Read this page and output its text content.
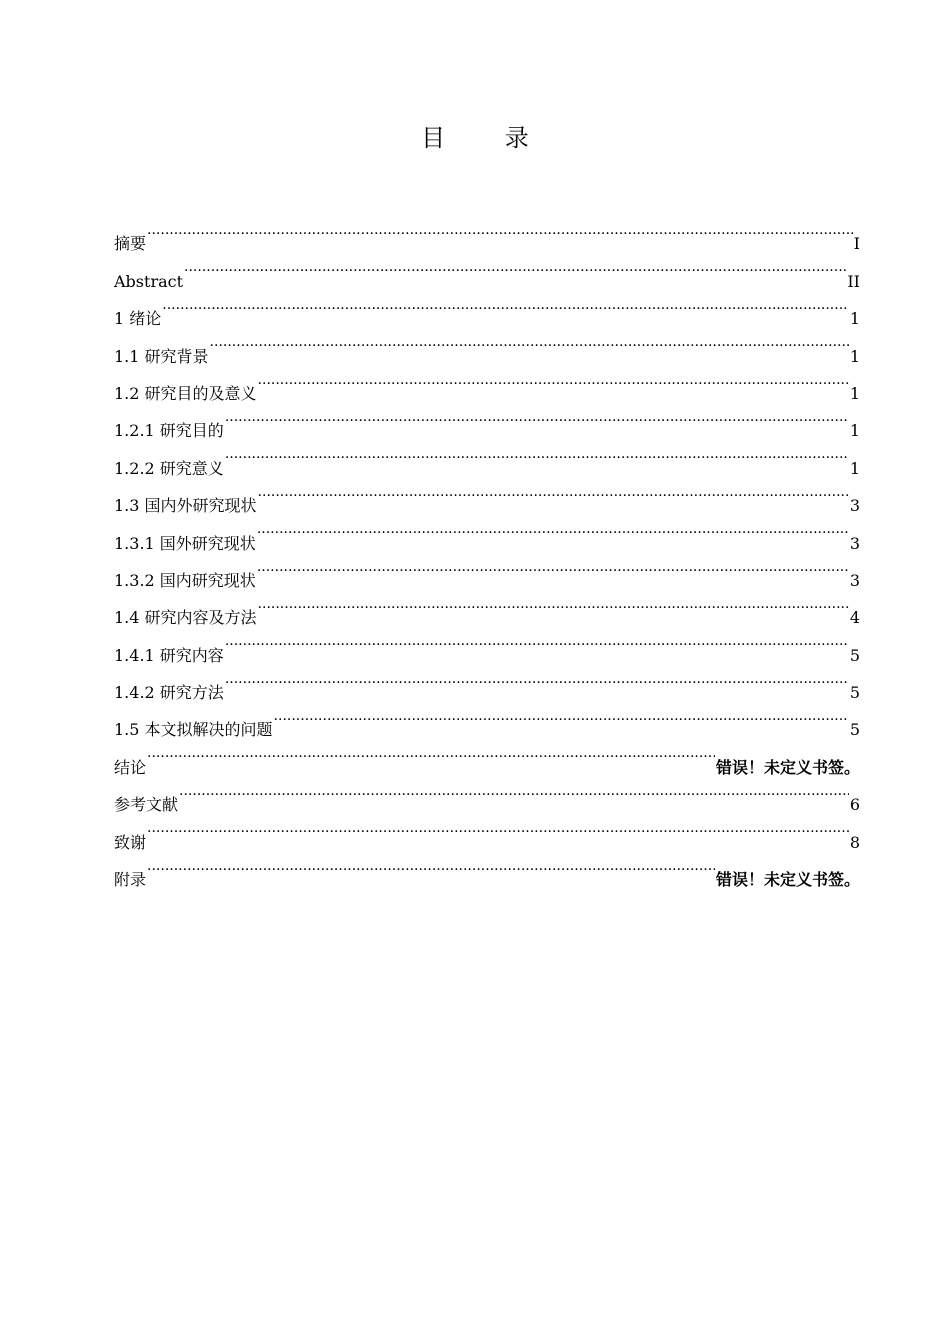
目 录
摘要 .....	I
Abstract .....	II
1 绪论 .....	1
1.1 研究背景 .....	1
1.2 研究目的及意义 .....	1
1.2.1 研究目的 .....	1
1.2.2 研究意义 .....	1
1.3 国内外研究现状 .....	3
1.3.1 国外研究现状 .....	3
1.3.2 国内研究现状 .....	3
1.4 研究内容及方法 .....	4
1.4.1 研究内容 .....	5
1.4.2 研究方法 .....	5
1.5 本文拟解决的问题 .....	5
结论 .....	错误！未定义书签。
参考文献 .....	6
致谢 .....	8
附录 .....	错误！未定义书签。
